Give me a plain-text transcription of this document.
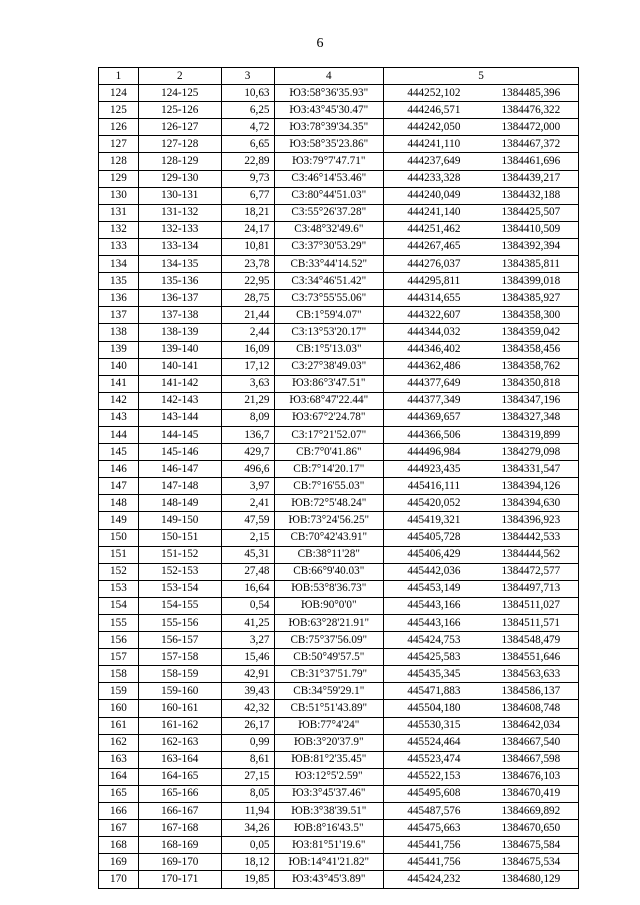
6
1	2	3	4	5	
124	124-125	10,63	ЮЗ:58°36'35.93"	444252,102	1384485,396
125	125-126	6,25	ЮЗ:43°45'30.47"	444246,571	1384476,322
126	126-127	4,72	ЮЗ:78°39'34.35"	444242,050	1384472,000
127	127-128	6,65	ЮЗ:58°35'23.86"	444241,110	1384467,372
128	128-129	22,89	ЮЗ:79°7'47.71"	444237,649	1384461,696
129	129-130	9,73	СЗ:46°14'53.46"	444233,328	1384439,217
130	130-131	6,77	СЗ:80°44'51.03"	444240,049	1384432,188
131	131-132	18,21	СЗ:55°26'37.28"	444241,140	1384425,507
132	132-133	24,17	СЗ:48°32'49.6"	444251,462	1384410,509
133	133-134	10,81	СЗ:37°30'53.29"	444267,465	1384392,394
134	134-135	23,78	СВ:33°44'14.52"	444276,037	1384385,811
135	135-136	22,95	СЗ:34°46'51.42"	444295,811	1384399,018
136	136-137	28,75	СЗ:73°55'55.06"	444314,655	1384385,927
137	137-138	21,44	СВ:1°59'4.07"	444322,607	1384358,300
138	138-139	2,44	СЗ:13°53'20.17"	444344,032	1384359,042
139	139-140	16,09	СВ:1°5'13.03"	444346,402	1384358,456
140	140-141	17,12	СЗ:27°38'49.03"	444362,486	1384358,762
141	141-142	3,63	ЮЗ:86°3'47.51"	444377,649	1384350,818
142	142-143	21,29	ЮЗ:68°47'22.44"	444377,349	1384347,196
143	143-144	8,09	ЮЗ:67°2'24.78"	444369,657	1384327,348
144	144-145	136,7	СЗ:17°21'52.07"	444366,506	1384319,899
145	145-146	429,7	СВ:7°0'41.86"	444496,984	1384279,098
146	146-147	496,6	СВ:7°14'20.17"	444923,435	1384331,547
147	147-148	3,97	СВ:7°16'55.03"	445416,111	1384394,126
148	148-149	2,41	ЮВ:72°5'48.24"	445420,052	1384394,630
149	149-150	47,59	ЮВ:73°24'56.25"	445419,321	1384396,923
150	150-151	2,15	СВ:70°42'43.91"	445405,728	1384442,533
151	151-152	45,31	СВ:38°11'28"	445406,429	1384444,562
152	152-153	27,48	СВ:66°9'40.03"	445442,036	1384472,577
153	153-154	16,64	ЮВ:53°8'36.73"	445453,149	1384497,713
154	154-155	0,54	ЮВ:90°0'0"	445443,166	1384511,027
155	155-156	41,25	ЮВ:63°28'21.91"	445443,166	1384511,571
156	156-157	3,27	СВ:75°37'56.09"	445424,753	1384548,479
157	157-158	15,46	СВ:50°49'57.5"	445425,583	1384551,646
158	158-159	42,91	СВ:31°37'51.79"	445435,345	1384563,633
159	159-160	39,43	СВ:34°59'29.1"	445471,883	1384586,137
160	160-161	42,32	СВ:51°51'43.89"	445504,180	1384608,748
161	161-162	26,17	ЮВ:77°4'24"	445530,315	1384642,034
162	162-163	0,99	ЮВ:3°20'37.9"	445524,464	1384667,540
163	163-164	8,61	ЮВ:81°2'35.45"	445523,474	1384667,598
164	164-165	27,15	ЮЗ:12°5'2.59"	445522,153	1384676,103
165	165-166	8,05	ЮЗ:3°45'37.46"	445495,608	1384670,419
166	166-167	11,94	ЮВ:3°38'39.51"	445487,576	1384669,892
167	167-168	34,26	ЮВ:8°16'43.5"	445475,663	1384670,650
168	168-169	0,05	ЮЗ:81°51'19.6"	445441,756	1384675,584
169	169-170	18,12	ЮВ:14°41'21.82"	445441,756	1384675,534
170	170-171	19,85	ЮЗ:43°45'3.89"	445424,232	1384680,129
